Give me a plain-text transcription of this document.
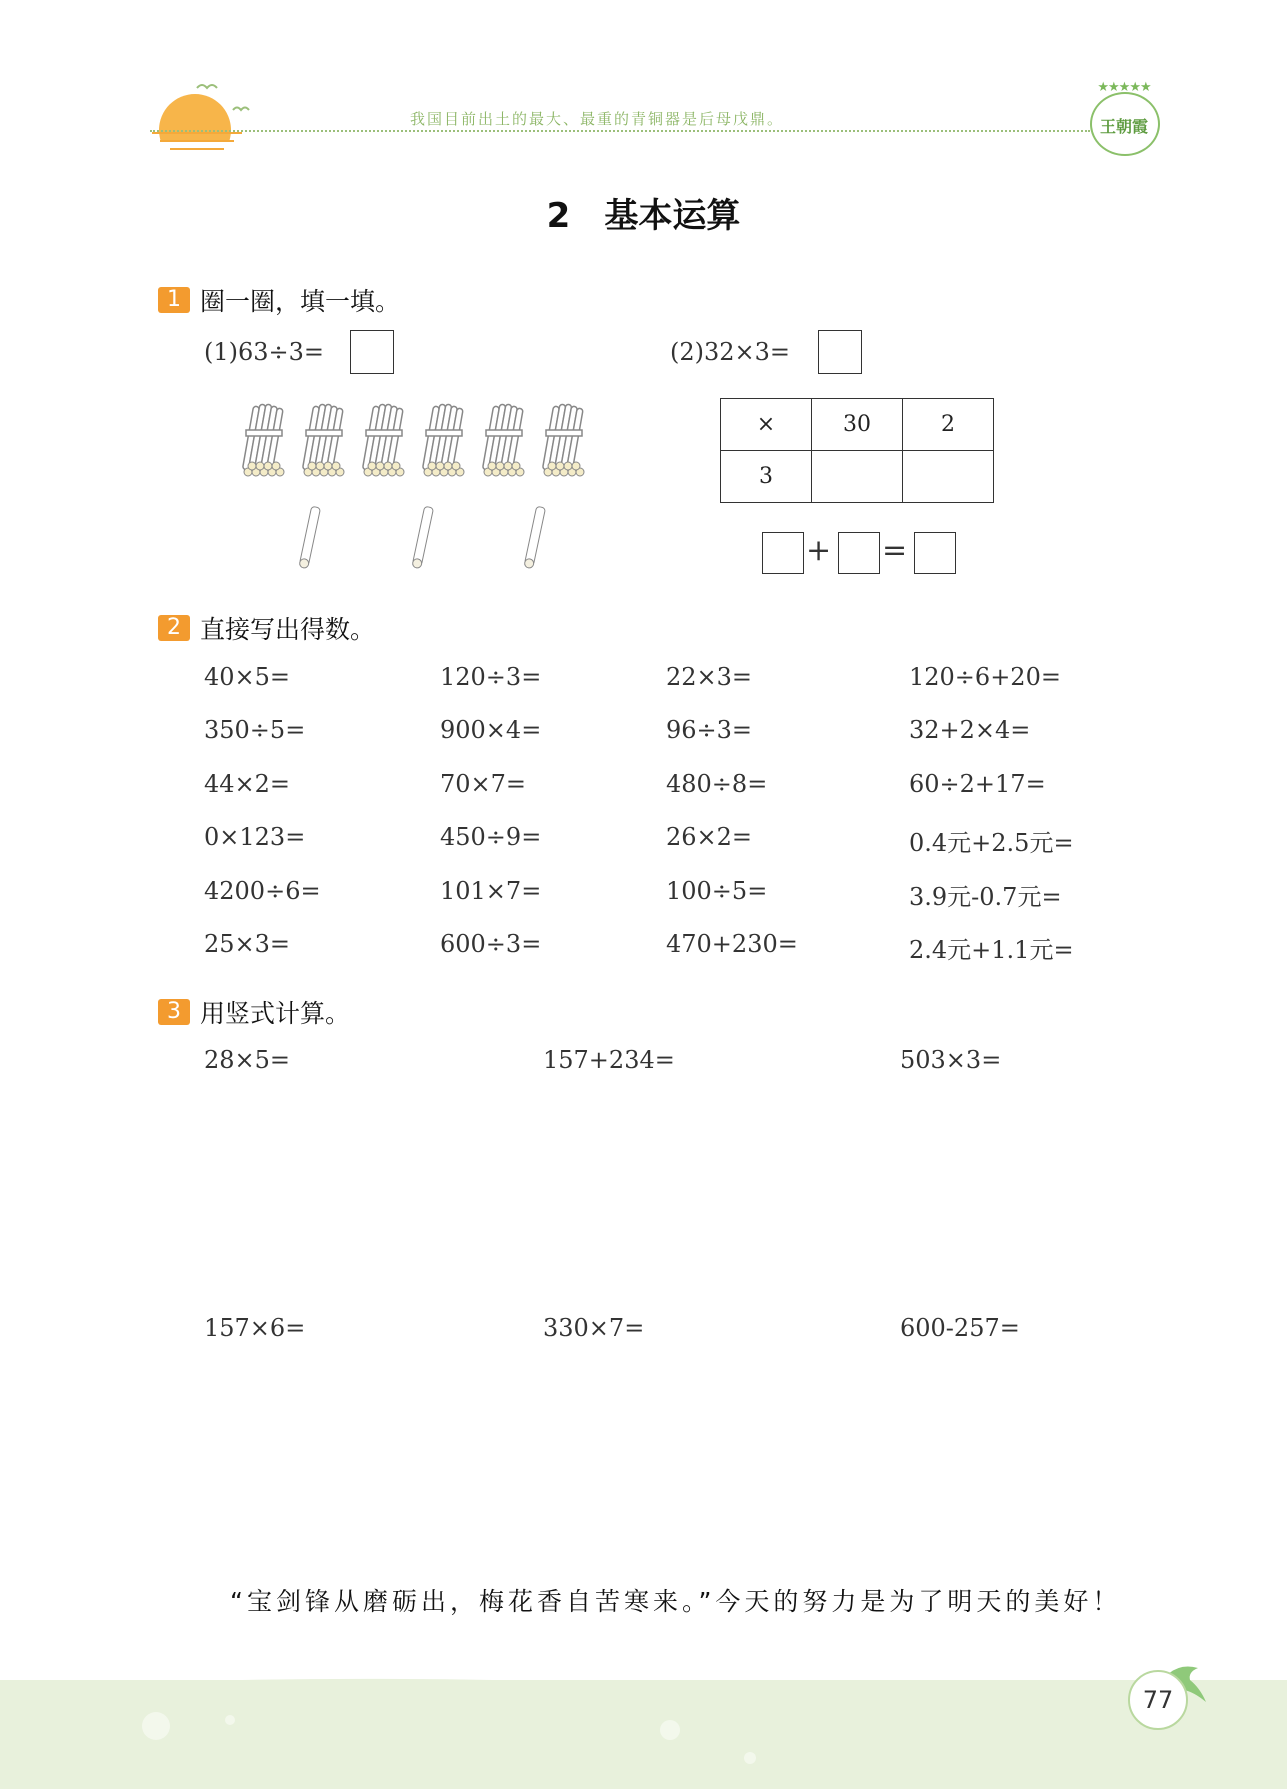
我国目前出土的最大、最重的青铜器是后母戊鼎。
★★★★★
王朝霞
2　基本运算
1 圈一圈，填一填。
(1)63÷3=	(2)32×3=
×	30	2
3		
+ =
2 直接写出得数。
40×5=	120÷3=	22×3=	120÷6+20=
350÷5=	900×4=	96÷3=	32+2×4=
44×2=	70×7=	480÷8=	60÷2+17=
0×123=	450÷9=	26×2=	0.4元+2.5元=
4200÷6=	101×7=	100÷5=	3.9元-0.7元=
25×3=	600÷3=	470+230=	2.4元+1.1元=
3 用竖式计算。
28×5=	157+234=	503×3=
157×6=	330×7=	600-257=
“宝剑锋从磨砺出，梅花香自苦寒来。”今天的努力是为了明天的美好！
77
